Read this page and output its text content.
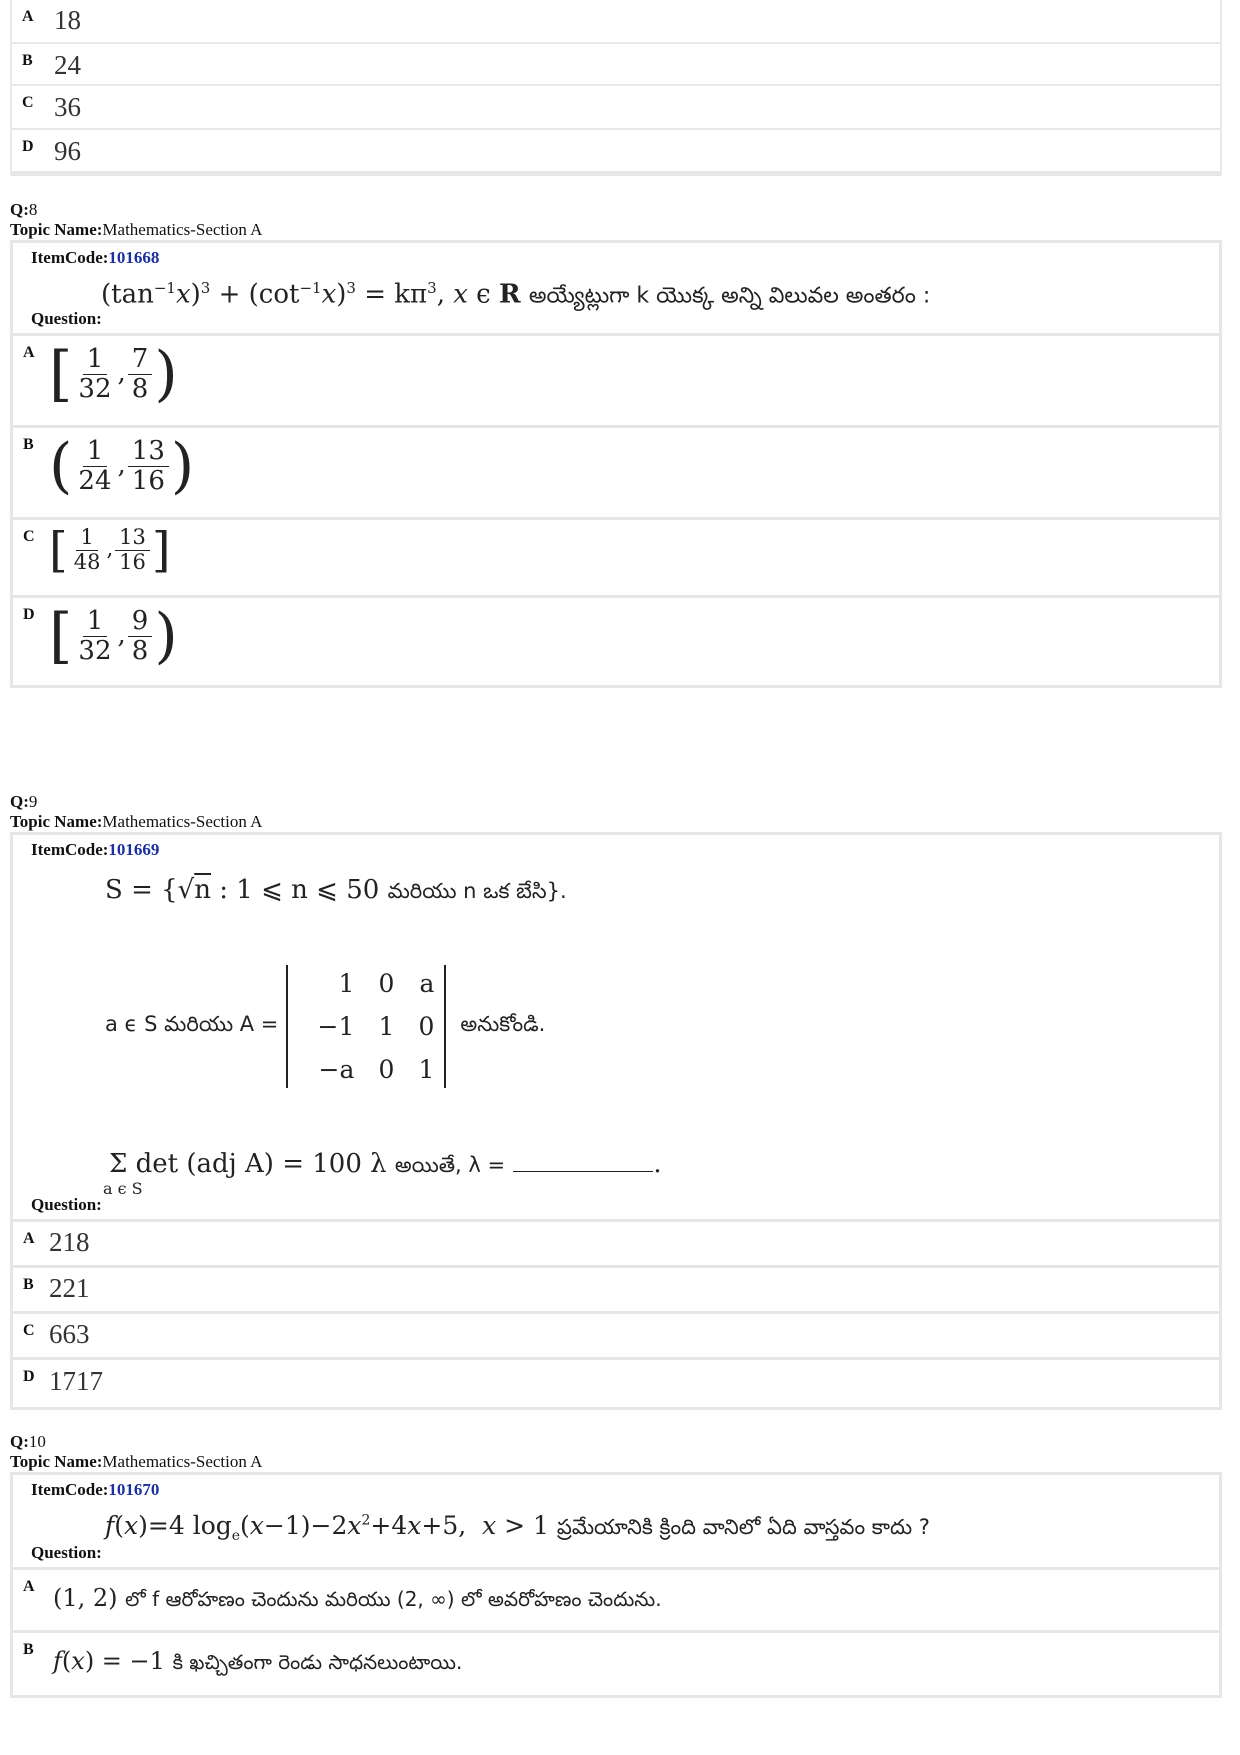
A 18
B 24
C 36
D 96
Q:8
Topic Name:Mathematics-Section A
ItemCode:101668
$(\tan^{-1}x)^3 + (\cot^{-1}x)^3 = k\pi^3$, x ϵ R అయ్యేట్లుగా k యొక్క అన్ని విలువల అంతరం :
Question:
A [ $\frac{1}{32}$ , $\frac{7}{8}$ )
B ( $\frac{1}{24}$ , $\frac{13}{16}$ )
C [ $\frac{1}{48}$ , $\frac{13}{16}$ ]
D [ $\frac{1}{32}$ , $\frac{9}{8}$ )
Q:9
Topic Name:Mathematics-Section A
ItemCode:101669
S = {√n : 1 ⩽ n ⩽ 50 మరియు n ఒక బేసి}.
a ϵ S మరియు A =
1 0	a
−1 1 0
−a 0 1
అనుకోండి.
Σ
a ϵ S
det (adj A) = 100 λ అయితే, λ =	.
Question:
A 218
B 221
C 663
D 1717
Q:10
Topic Name:Mathematics-Section A
ItemCode:101670
f(x)=4 $\log_e(x-1)-2x^2+4x+5$,  x > 1 ప్రమేయానికి క్రింది వానిలో ఏది వాస్తవం కాదు ?
Question:
A (1, 2) లో f ఆరోహణం చెందును మరియు (2, ∞) లో అవరోహణం చెందును.
B f(x) = −1 కి ఖచ్చితంగా రెండు సాధనలుంటాయి.
